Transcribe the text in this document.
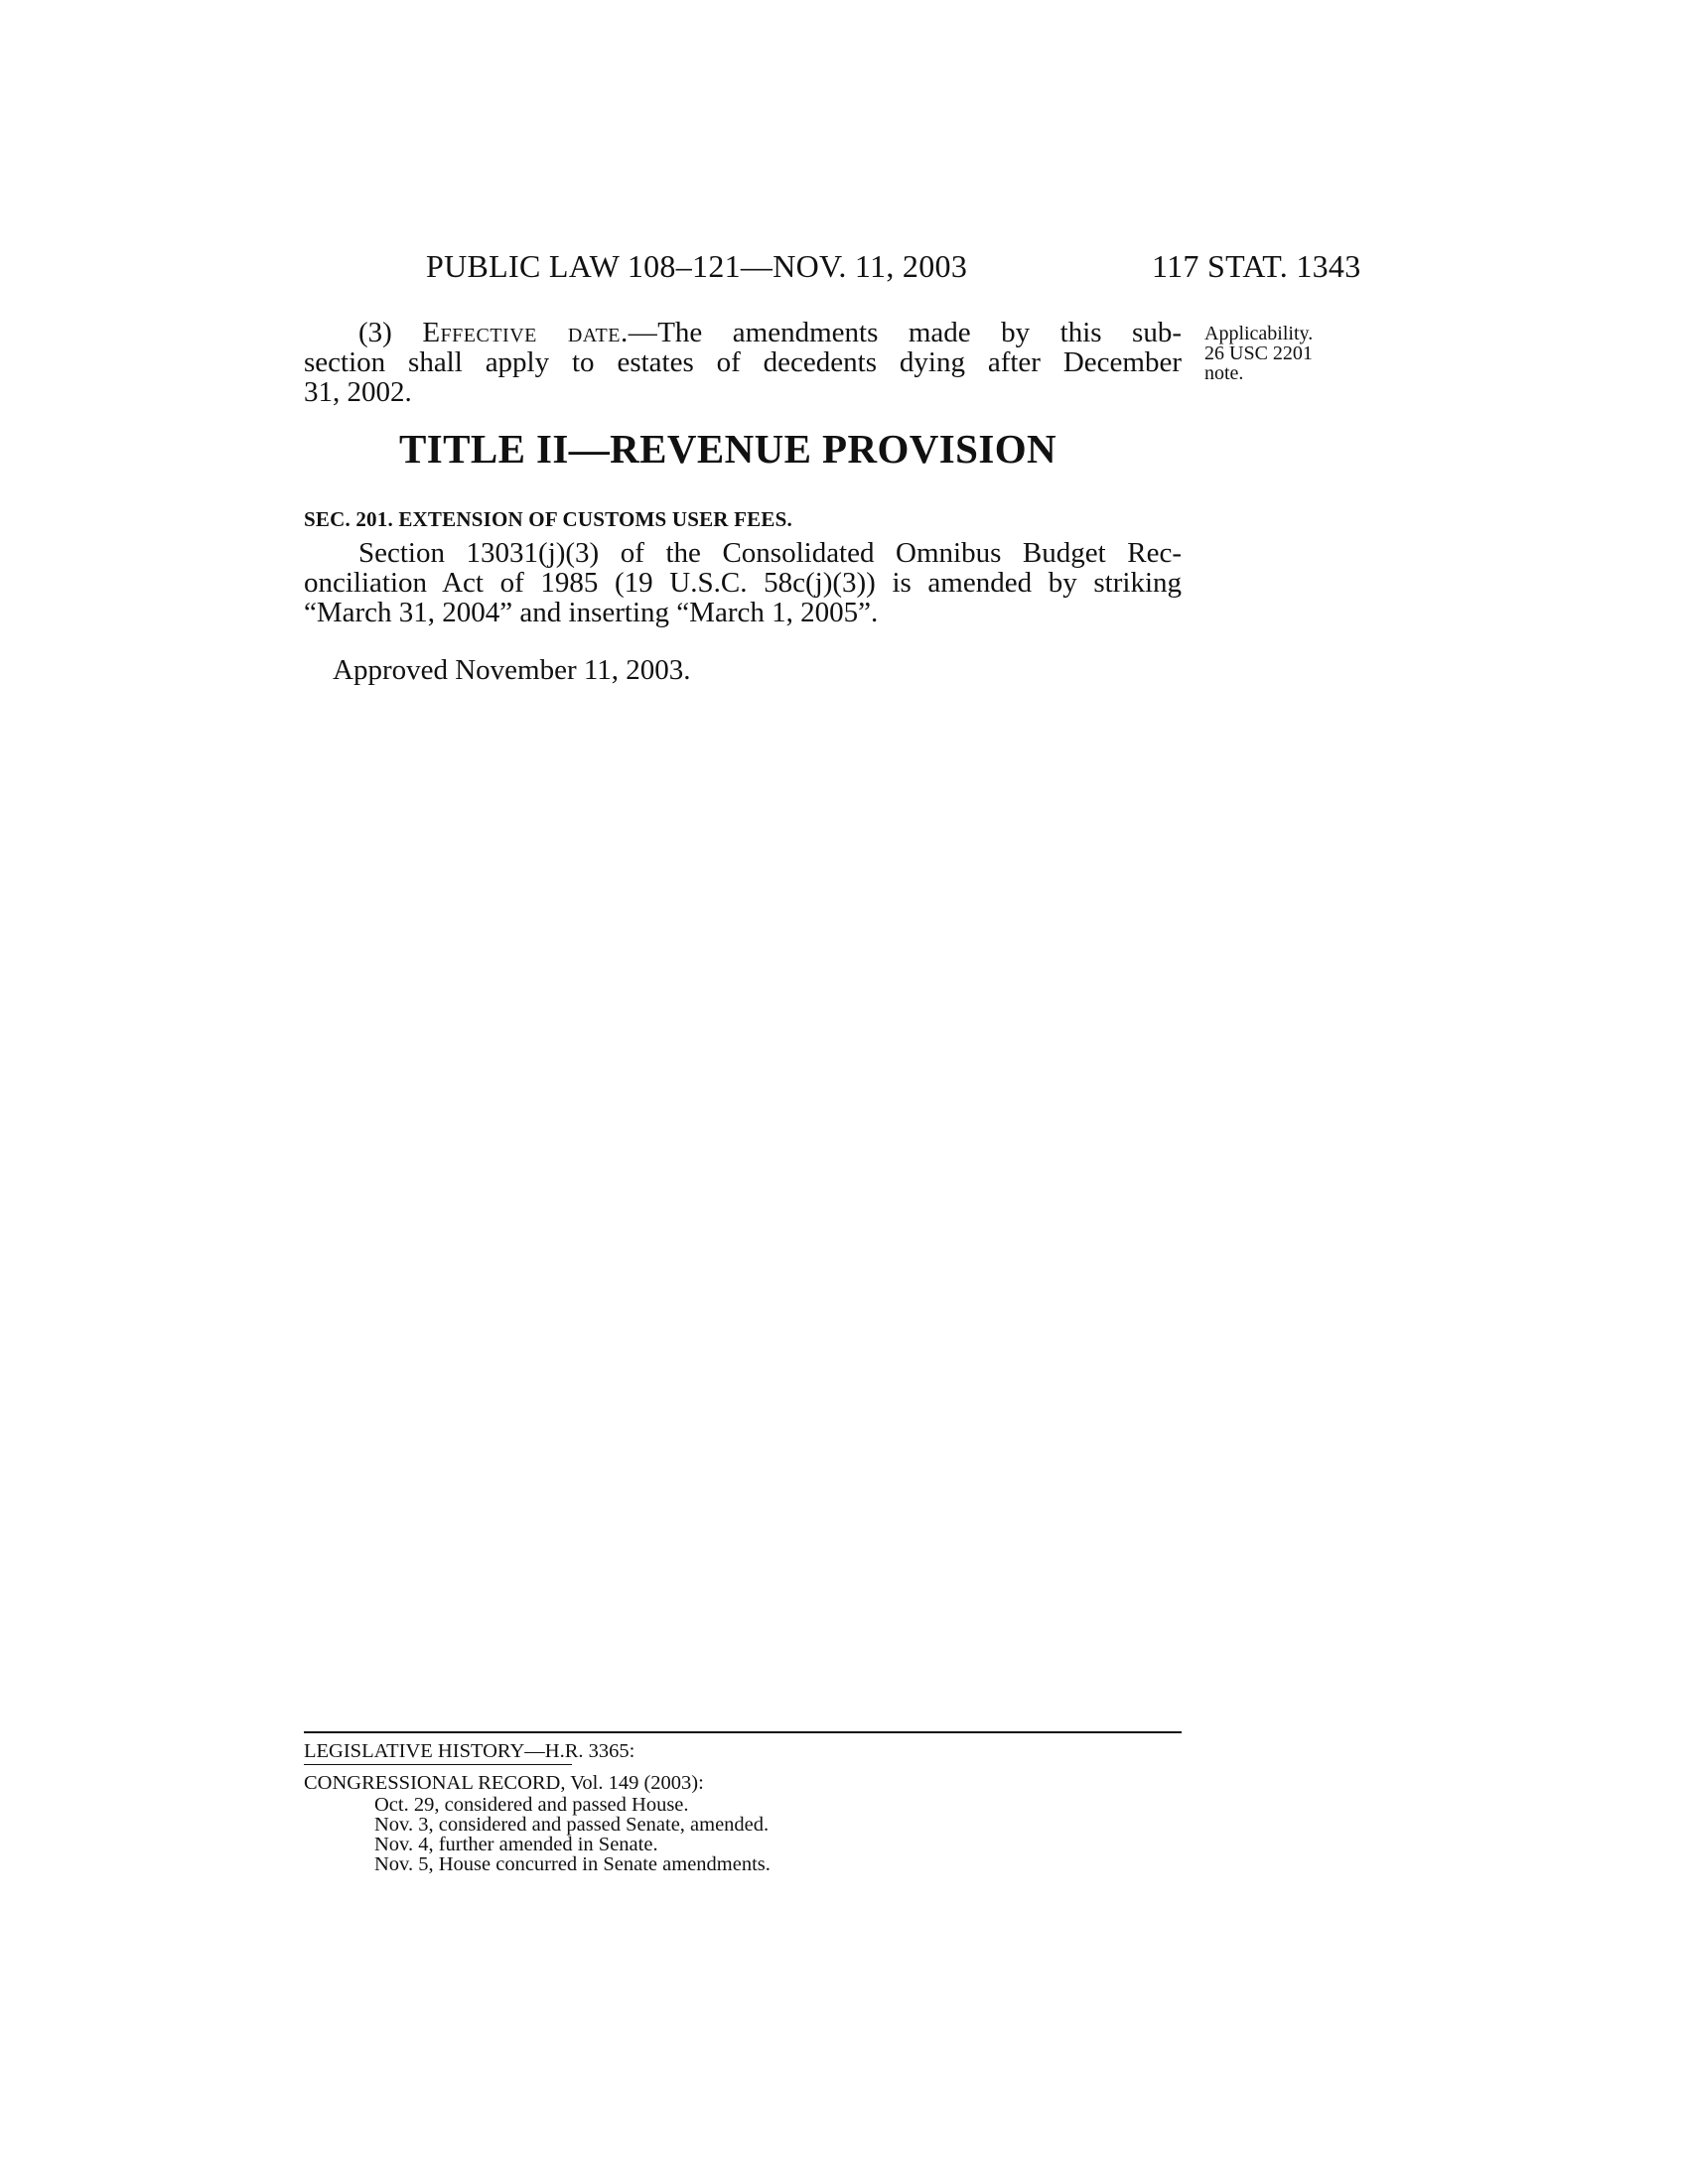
PUBLIC LAW 108–121—NOV. 11, 2003	117 STAT. 1343
(3) Effective date.—The amendments made by this sub-
section shall apply to estates of decedents dying after December
31, 2002.
Applicability.
26 USC 2201
note.
TITLE II—REVENUE PROVISION
SEC. 201. EXTENSION OF CUSTOMS USER FEES.
Section 13031(j)(3) of the Consolidated Omnibus Budget Rec-
onciliation Act of 1985 (19 U.S.C. 58c(j)(3)) is amended by striking
“March 31, 2004” and inserting “March 1, 2005”.
Approved November 11, 2003.
LEGISLATIVE HISTORY—H.R. 3365:
CONGRESSIONAL RECORD, Vol. 149 (2003):
Oct. 29, considered and passed House.
Nov. 3, considered and passed Senate, amended.
Nov. 4, further amended in Senate.
Nov. 5, House concurred in Senate amendments.
